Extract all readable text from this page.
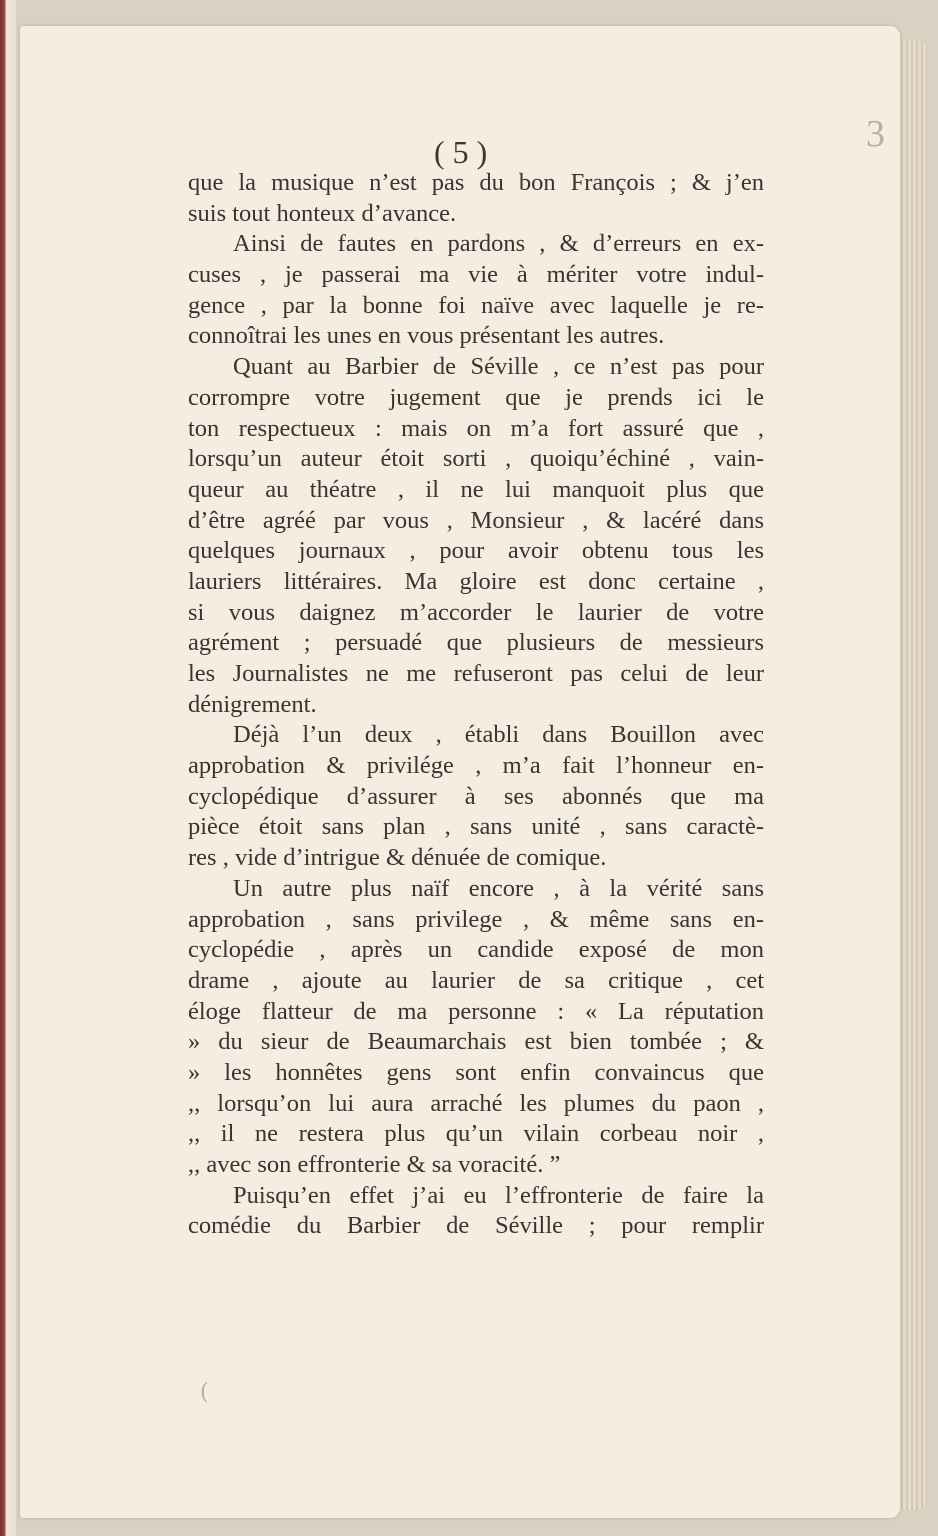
3
( 5 )
que la musique n’est pas du bon François ; & j’en
suis tout honteux d’avance.
Ainsi de fautes en pardons , & d’erreurs en ex-
cuses , je passerai ma vie à mériter votre indul-
gence , par la bonne foi naïve avec laquelle je re-
connoîtrai les unes en vous présentant les autres.
Quant au Barbier de Séville , ce n’est pas pour
corrompre votre jugement que je prends ici le
ton respectueux : mais on m’a fort assuré que ,
lorsqu’un auteur étoit sorti , quoiqu’échiné , vain-
queur au théatre , il ne lui manquoit plus que
d’être agréé par vous , Monsieur , & lacéré dans
quelques journaux , pour avoir obtenu tous les
lauriers littéraires. Ma gloire est donc certaine ,
si vous daignez m’accorder le laurier de votre
agrément ; persuadé que plusieurs de messieurs
les Journalistes ne me refuseront pas celui de leur
dénigrement.
Déjà l’un deux , établi dans Bouillon avec
approbation & privilége , m’a fait l’honneur en-
cyclopédique d’assurer à ses abonnés que ma
pièce étoit sans plan , sans unité , sans caractè-
res , vide d’intrigue & dénuée de comique.
Un autre plus naïf encore , à la vérité sans
approbation , sans privilege , & même sans en-
cyclopédie , après un candide exposé de mon
drame , ajoute au laurier de sa critique , cet
éloge flatteur de ma personne : « La réputation
» du sieur de Beaumarchais est bien tombée ; &
» les honnêtes gens sont enfin convaincus que
,, lorsqu’on lui aura arraché les plumes du paon ,
,, il ne restera plus qu’un vilain corbeau noir ,
,, avec son effronterie & sa voracité. ”
Puisqu’en effet j’ai eu l’effronterie de faire la
comédie du Barbier de Séville ; pour remplir
(
